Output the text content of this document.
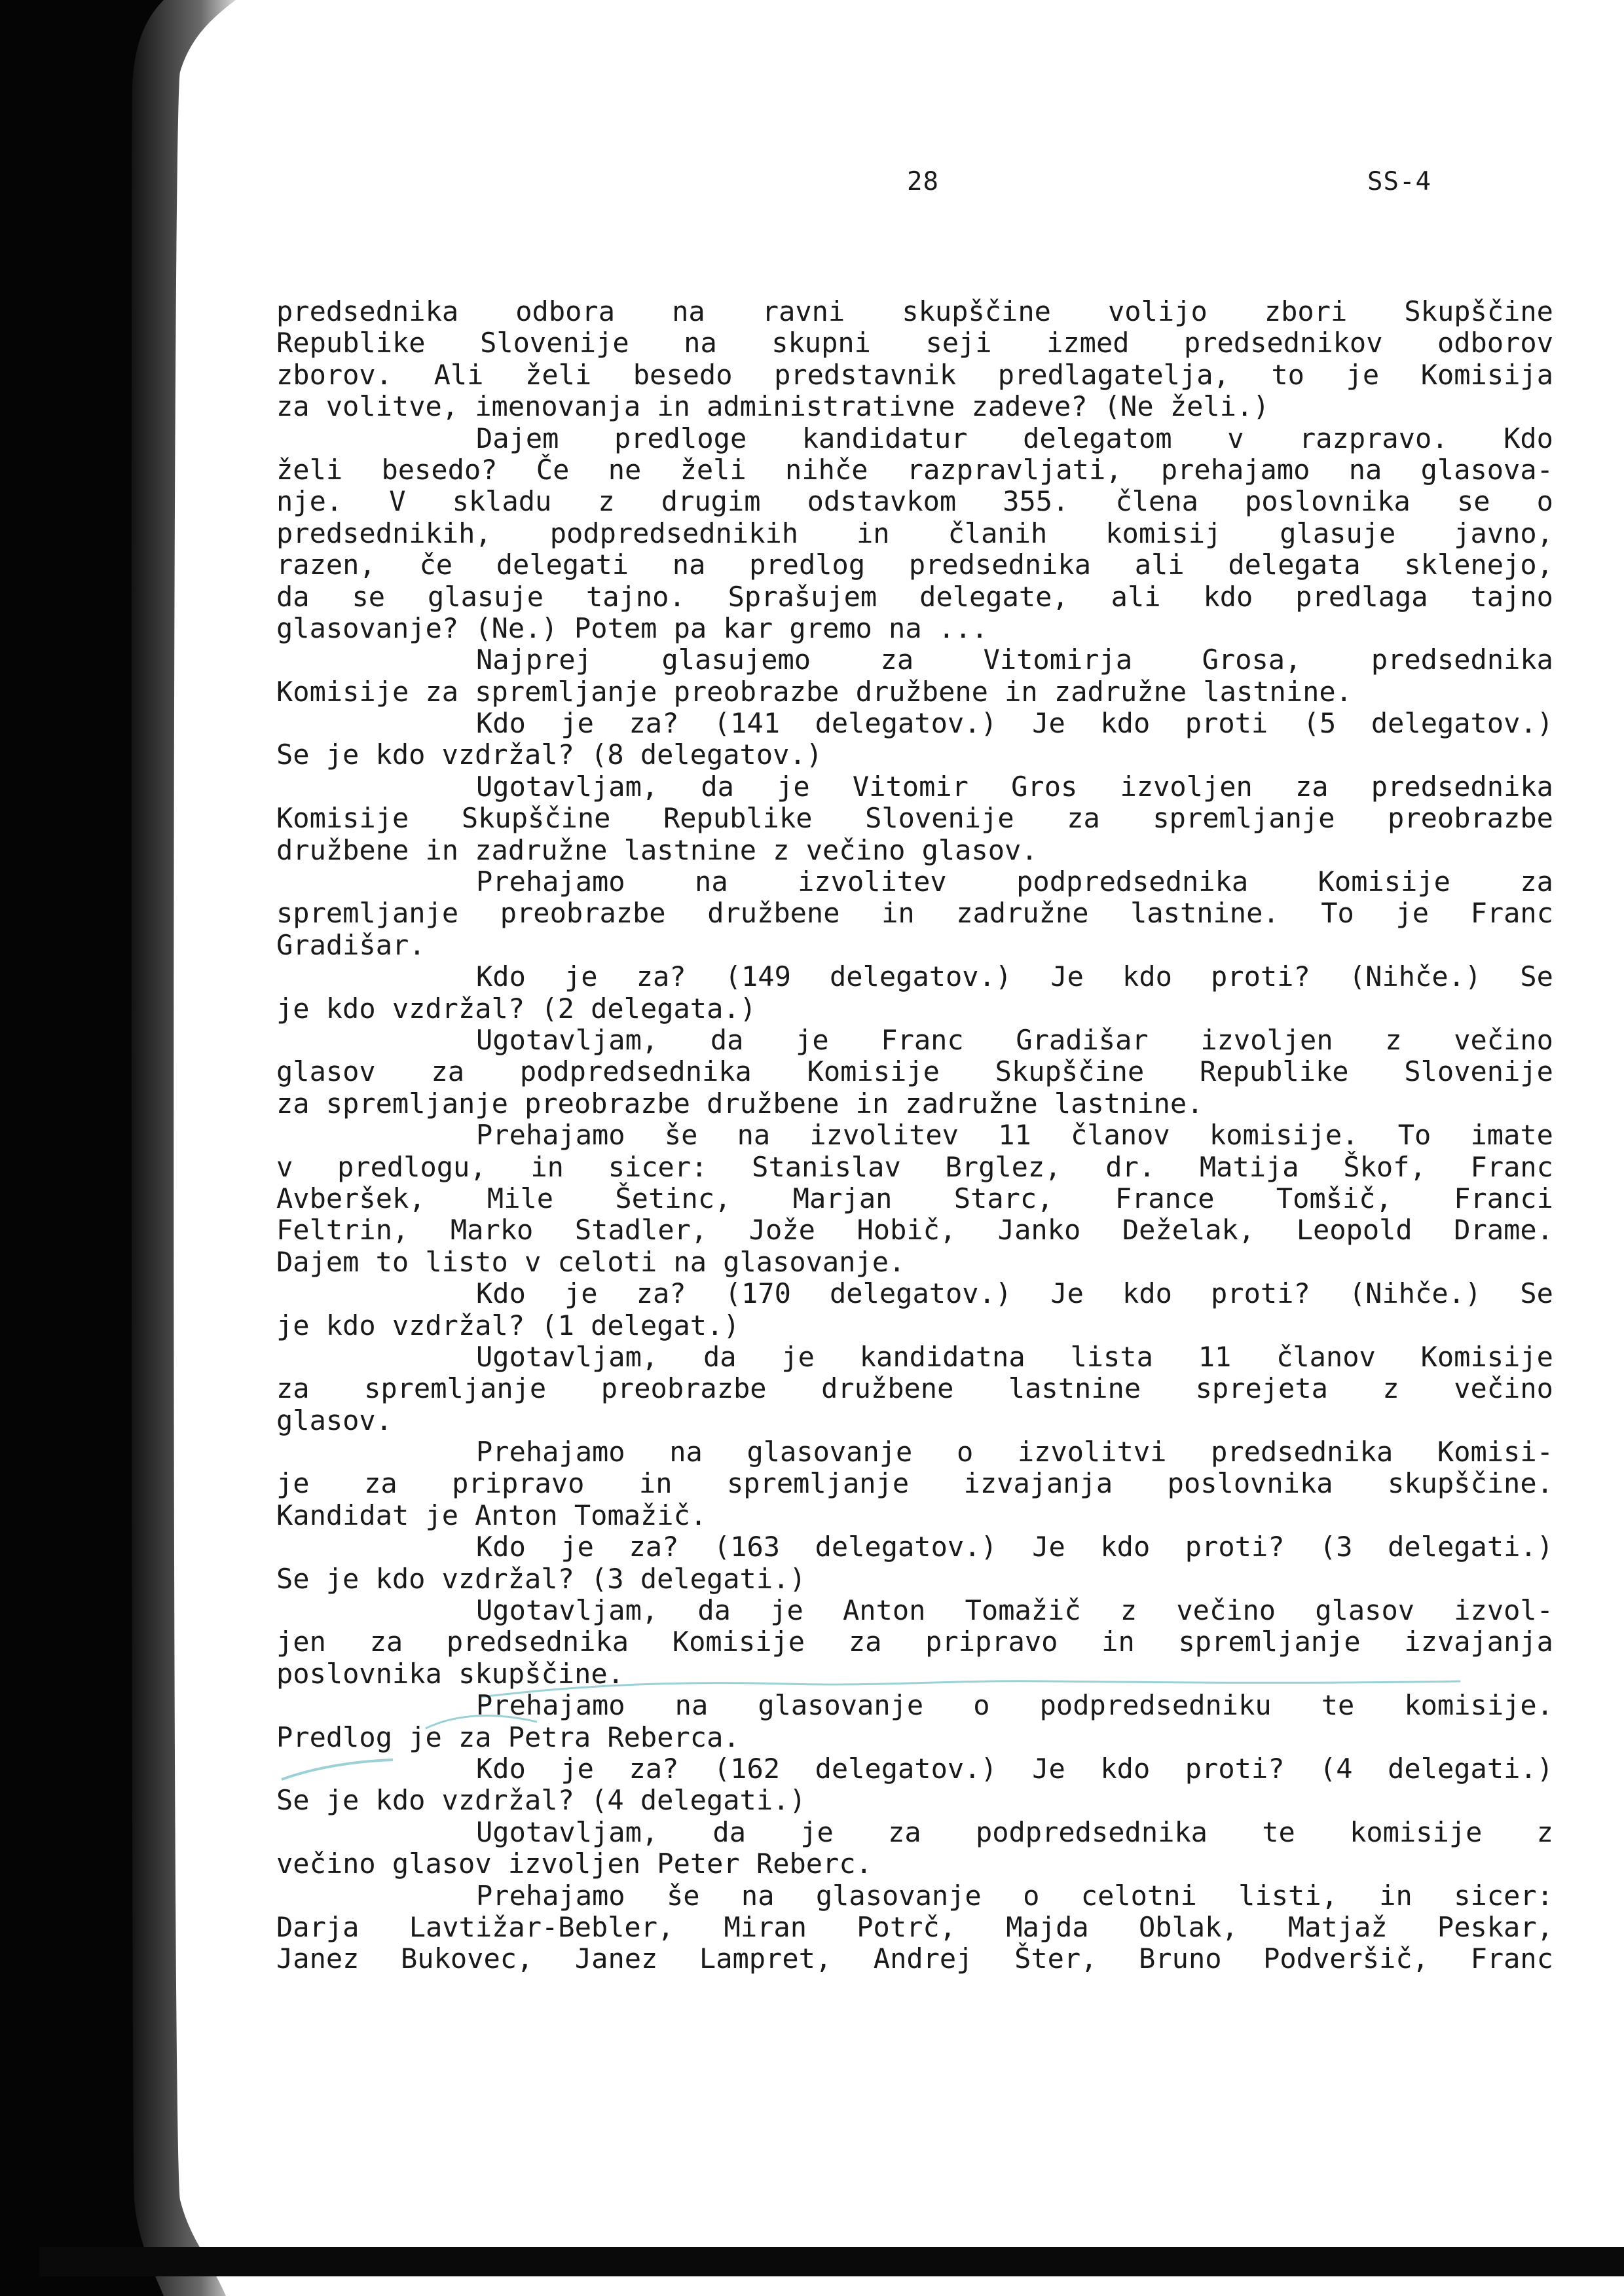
28	SS-4
predsednika odbora na ravni skupščine volijo zbori Skupščine
Republike Slovenije na skupni seji izmed predsednikov odborov
zborov. Ali želi besedo predstavnik predlagatelja, to je Komisija
za volitve, imenovanja in administrativne zadeve? (Ne želi.)
Dajem predloge kandidatur delegatom v razpravo. Kdo
želi besedo? Če ne želi nihče razpravljati, prehajamo na glasova-
nje. V skladu z drugim odstavkom 355. člena poslovnika se o
predsednikih, podpredsednikih in članih komisij glasuje javno,
razen, če delegati na predlog predsednika ali delegata sklenejo,
da se glasuje tajno. Sprašujem delegate, ali kdo predlaga tajno
glasovanje? (Ne.) Potem pa kar gremo na ...
Najprej	glasujemo	za	Vitomirja	Grosa,	predsednika
Komisije za spremljanje preobrazbe družbene in zadružne lastnine.
Kdo je za? (141 delegatov.) Je kdo proti (5 delegatov.)
Se je kdo vzdržal? (8 delegatov.)
Ugotavljam, da je Vitomir Gros izvoljen za predsednika
Komisije Skupščine Republike Slovenije za spremljanje preobrazbe
družbene in zadružne lastnine z večino glasov.
Prehajamo	na	izvolitev	podpredsednika	Komisije	za
spremljanje preobrazbe družbene in zadružne lastnine. To je Franc
Gradišar.
Kdo je za? (149 delegatov.) Je kdo proti? (Nihče.) Se
je kdo vzdržal? (2 delegata.)
Ugotavljam, da je Franc Gradišar izvoljen z večino
glasov za podpredsednika Komisije Skupščine Republike Slovenije
za spremljanje preobrazbe družbene in zadružne lastnine.
Prehajamo še na izvolitev 11 članov komisije. To imate
v predlogu, in sicer: Stanislav Brglez, dr. Matija Škof, Franc
Avberšek, Mile Šetinc, Marjan Starc, France Tomšič, Franci
Feltrin, Marko Stadler, Jože Hobič, Janko Deželak, Leopold Drame.
Dajem to listo v celoti na glasovanje.
Kdo je za? (170 delegatov.) Je kdo proti? (Nihče.) Se
je kdo vzdržal? (1 delegat.)
Ugotavljam, da je kandidatna lista 11 članov Komisije
za spremljanje preobrazbe družbene lastnine sprejeta z večino
glasov.
Prehajamo na glasovanje o izvolitvi predsednika Komisi-
je za pripravo in spremljanje izvajanja poslovnika skupščine.
Kandidat je Anton Tomažič.
Kdo je za? (163 delegatov.) Je kdo proti? (3 delegati.)
Se je kdo vzdržal? (3 delegati.)
Ugotavljam, da je Anton Tomažič z večino glasov izvol-
jen za predsednika Komisije za pripravo in spremljanje izvajanja
poslovnika skupščine.
Prehajamo na glasovanje o podpredsedniku te komisije.
Predlog je za Petra Reberca.
Kdo je za? (162 delegatov.) Je kdo proti? (4 delegati.)
Se je kdo vzdržal? (4 delegati.)
Ugotavljam, da je za podpredsednika te komisije z
večino glasov izvoljen Peter Reberc.
Prehajamo še na glasovanje o celotni listi, in sicer:
Darja Lavtižar-Bebler, Miran Potrč, Majda Oblak, Matjaž Peskar,
Janez Bukovec, Janez Lampret, Andrej Šter, Bruno Podveršič, Franc
